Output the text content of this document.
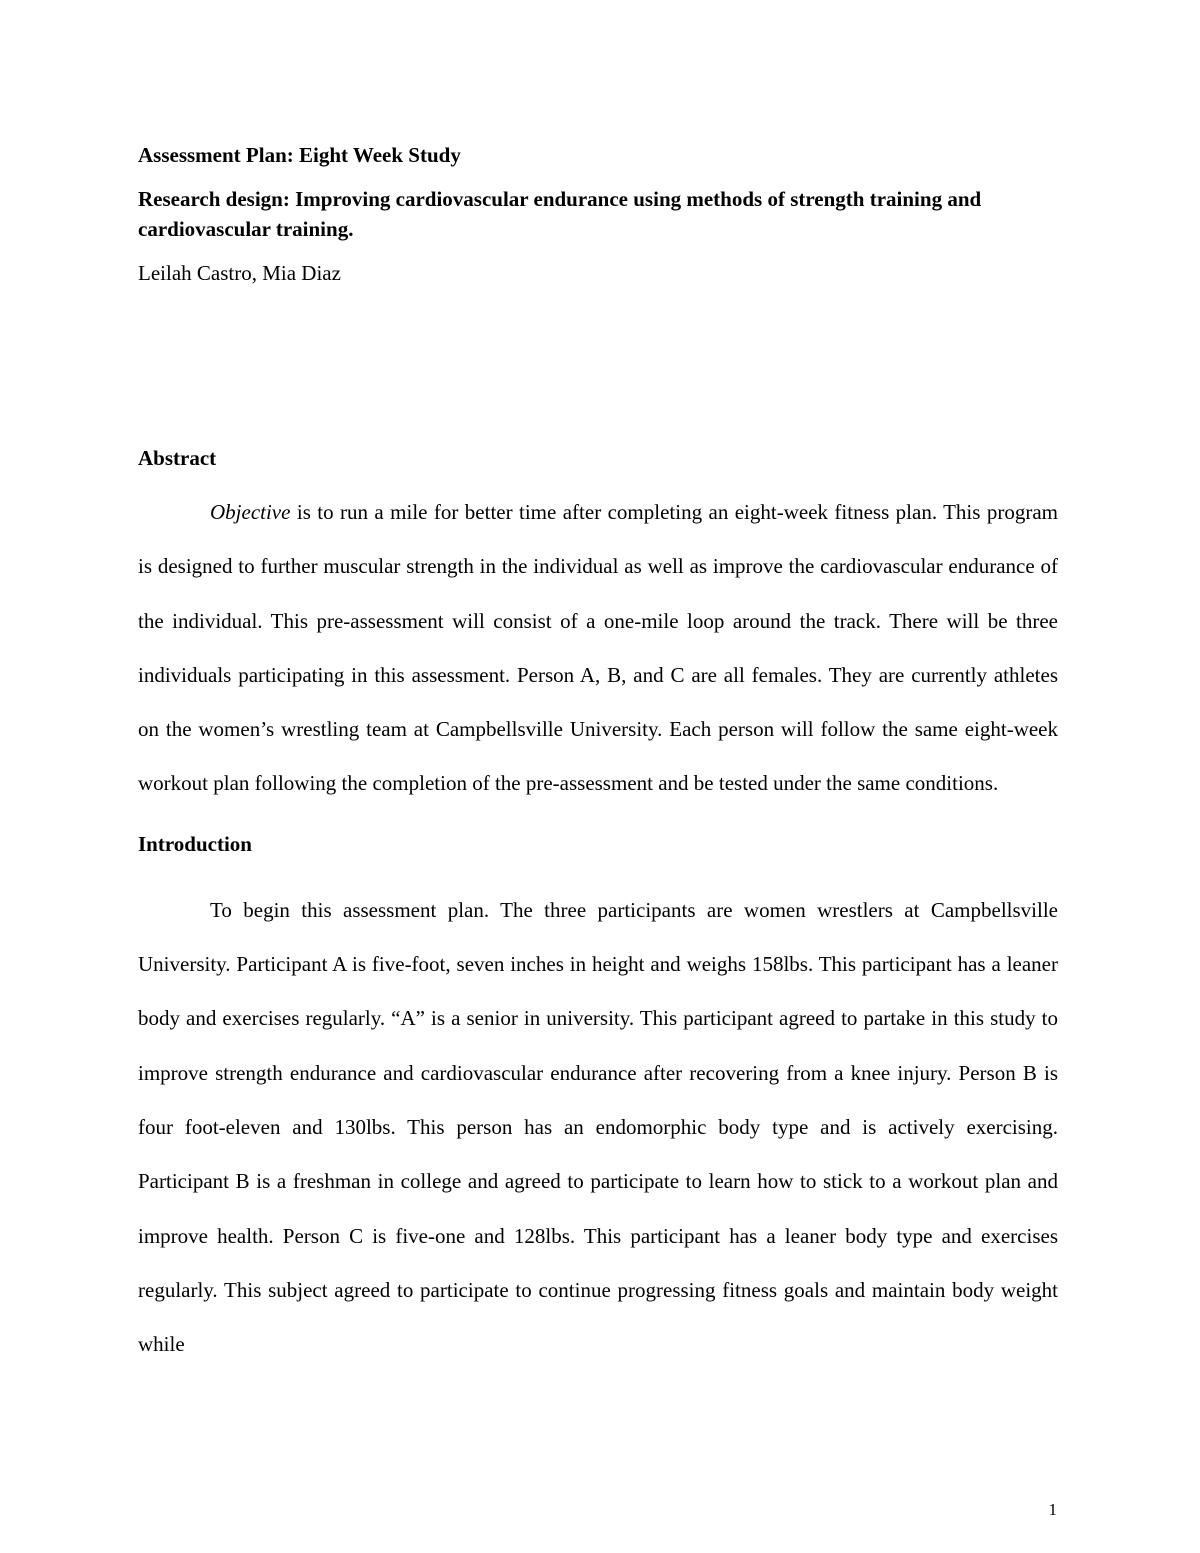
Assessment Plan: Eight Week Study

Research design: Improving cardiovascular endurance using methods of strength training and cardiovascular training.

Leilah Castro, Mia Diaz

Abstract

Objective is to run a mile for better time after completing an eight-week fitness plan. This program is designed to further muscular strength in the individual as well as improve the cardiovascular endurance of the individual. This pre-assessment will consist of a one-mile loop around the track. There will be three individuals participating in this assessment. Person A, B, and C are all females. They are currently athletes on the women’s wrestling team at Campbellsville University. Each person will follow the same eight-week workout plan following the completion of the pre-assessment and be tested under the same conditions.

Introduction

To begin this assessment plan. The three participants are women wrestlers at Campbellsville University. Participant A is five-foot, seven inches in height and weighs 158lbs. This participant has a leaner body and exercises regularly. “A” is a senior in university. This participant agreed to partake in this study to improve strength endurance and cardiovascular endurance after recovering from a knee injury. Person B is four foot-eleven and 130lbs. This person has an endomorphic body type and is actively exercising. Participant B is a freshman in college and agreed to participate to learn how to stick to a workout plan and improve health. Person C is five-one and 128lbs. This participant has a leaner body type and exercises regularly. This subject agreed to participate to continue progressing fitness goals and maintain body weight while

1
